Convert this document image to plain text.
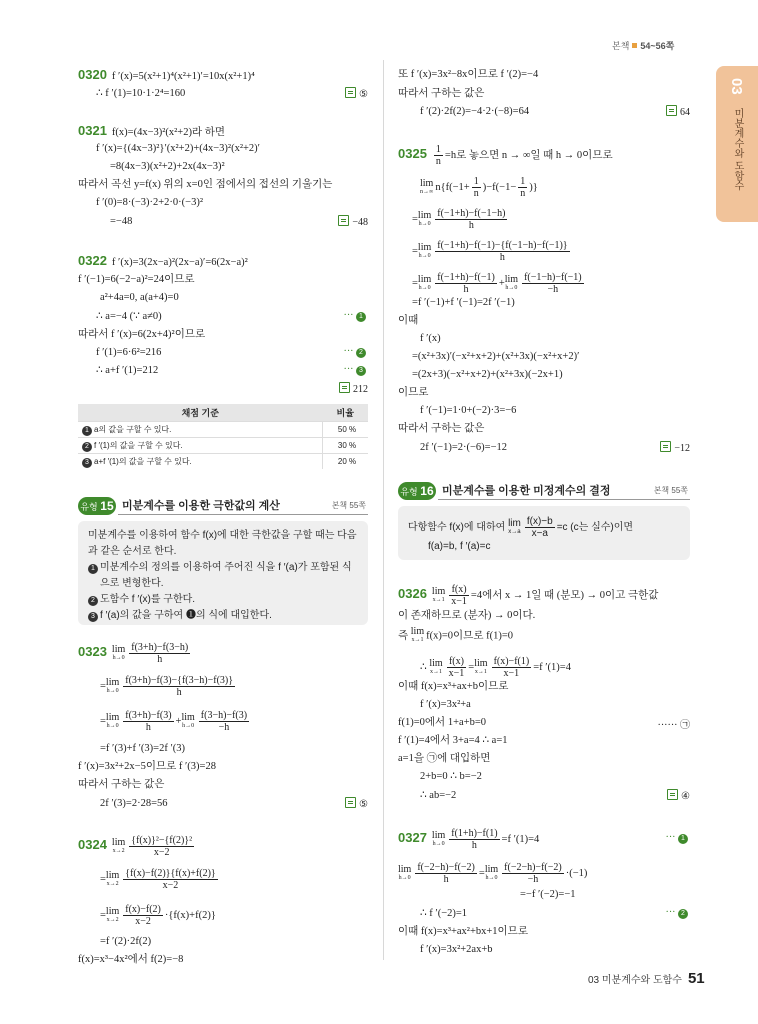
본책 54~56쪽
03
미분계수와 도함수
0320 f ′(x)=5(x²+1)⁴(x²+1)′=10x(x²+1)⁴
∴ f ′(1)=10·1·2⁴=160	⑤
0321 f(x)=(4x−3)²(x²+2)라 하면
f ′(x)={(4x−3)²}′(x²+2)+(4x−3)²(x²+2)′
=8(4x−3)(x²+2)+2x(4x−3)²
따라서 곡선 y=f(x) 위의 x=0인 점에서의 접선의 기울기는
f ′(0)=8·(−3)·2+2·0·(−3)²
=−48	−48
0322 f ′(x)=3(2x−a)²(2x−a)′=6(2x−a)²
f ′(−1)=6(−2−a)²=24이므로
a²+4a=0, a(a+4)=0
∴ a=−4 (∵ a≠0)	··· 1
따라서 f ′(x)=6(2x+4)²이므로
f ′(1)=6·6²=216	··· 2
∴ a+f ′(1)=212	··· 3
212
채점 기준	비율
1 a의 값을 구할 수 있다.	50 %
2 f ′(1)의 값을 구할 수 있다.	30 %
3 a+f ′(1)의 값을 구할 수 있다.	20 %
유형 15 미분계수를 이용한 극한값의 계산	본책 55쪽
미분계수를 이용하여 함수 f(x)에 대한 극한값을 구할 때는 다음
과 같은 순서로 한다.
1 미분계수의 정의를 이용하여 주어진 식을 f ′(a)가 포함된 식
으로 변형한다.
2 도함수 f ′(x)를 구한다.
3 f ′(a)의 값을 구하여 ❶의 식에 대입한다.
0323 lim
$h\to 0 \frac{f(3+h)-f(3-h)}{h}$
= lim
$h\to 0 \frac{f(3+h)-f(3)-\{f(3-h)-f(3)\}}{h}$
= lim
$h\to 0 \frac{f(3+h)-f(3)}{h} + \lim$
$h\to 0 \frac{f(3-h)-f(3)}{-h}$
=f ′(3)+f ′(3)=2f ′(3)
f ′(x)=3x²+2x−5이므로 f ′(3)=28
따라서 구하는 값은
2f ′(3)=2·28=56	⑤
0324 lim
$x\to 2 \frac{\text{\{f(x)\}²−\{f(2)\}²}}{x-2}$
= lim
$x\to 2 \frac{\{f(x)-f(2)\}\{f(x)+f(2)\}}{x-2}$
= lim
$x\to 2 \frac{f(x)-f(2)}{x-2} \cdot\{f(x)+f(2)\}$
=f ′(2)·2f(2)
f(x)=x³−4x²에서 f(2)=−8
또 f ′(x)=3x²−8x이므로 f ′(2)=−4
따라서 구하는 값은
f ′(2)·2f(2)=−4·2·(−8)=64	64
$0325 \frac{1}{n} =h$로 놓으면 n → ∞일 때 h → 0이므로
lim
n→∞ $n\{f(-1+ \frac{1}{n} )-f(-1- \frac{1}{n}$ )}
= lim
$h\to 0 \frac{f(-1+h)-f(-1-h)}{h}$
= lim
$h\to 0 \frac{f(-1+h)-f(-1)-\{f(-1-h)-f(-1)\}}{h}$
= lim
$h\to 0 \frac{f(-1+h)-f(-1)}{h} + \lim$
$h\to 0 \frac{f(-1-h)-f(-1)}{-h}$
=f ′(−1)+f ′(−1)=2f ′(−1)
이때
f ′(x)
=(x²+3x)′(−x²+x+2)+(x²+3x)(−x²+x+2)′
=(2x+3)(−x²+x+2)+(x²+3x)(−2x+1)
이므로
f ′(−1)=1·0+(−2)·3=−6
따라서 구하는 값은
2f ′(−1)=2·(−6)=−12	−12
유형 16 미분계수를 이용한 미정계수의 결정	본책 55쪽
다항함수 f(x)에 대하여 lim
$x\to a \frac{f(x)-b}{x-a} =c$ (c는 실수)이면
f(a)=b, f ′(a)=c
0326 lim
$x\to 1 \frac{f(x)}{x-1} =4$에서 x → 1일 때 (분모) → 0이고 극한값
이 존재하므로 (분자) → 0이다.
즉 lim
x→1 f(x)=0이므로 f(1)=0
∴ lim
$x\to 1 \frac{f(x)}{x-1} = \lim$
$x\to 1 \frac{f(x)-f(1)}{x-1} =f$ ′(1)=4
이때 f(x)=x³+ax+b이므로
f ′(x)=3x²+a
f(1)=0에서 1+a+b=0	······ ㉠
f ′(1)=4에서 3+a=4 ∴ a=1
a=1을 ㉠에 대입하면
2+b=0 ∴ b=−2
∴ ab=−2	④
0327 lim
$h\to 0 \frac{f(1+h)-f(1)}{h} =f$ ′(1)=4	··· 1
lim
$h\to 0 \frac{f(-2-h)-f(-2)}{h} = \lim$
$h\to 0 \frac{f(-2-h)-f(-2)}{-h} \cdot(-1)$
=−f ′(−2)=−1
∴ f ′(−2)=1	··· 2
이때 f(x)=x³+ax²+bx+1이므로
f ′(x)=3x²+2ax+b
03 미분계수와 도함수 51
